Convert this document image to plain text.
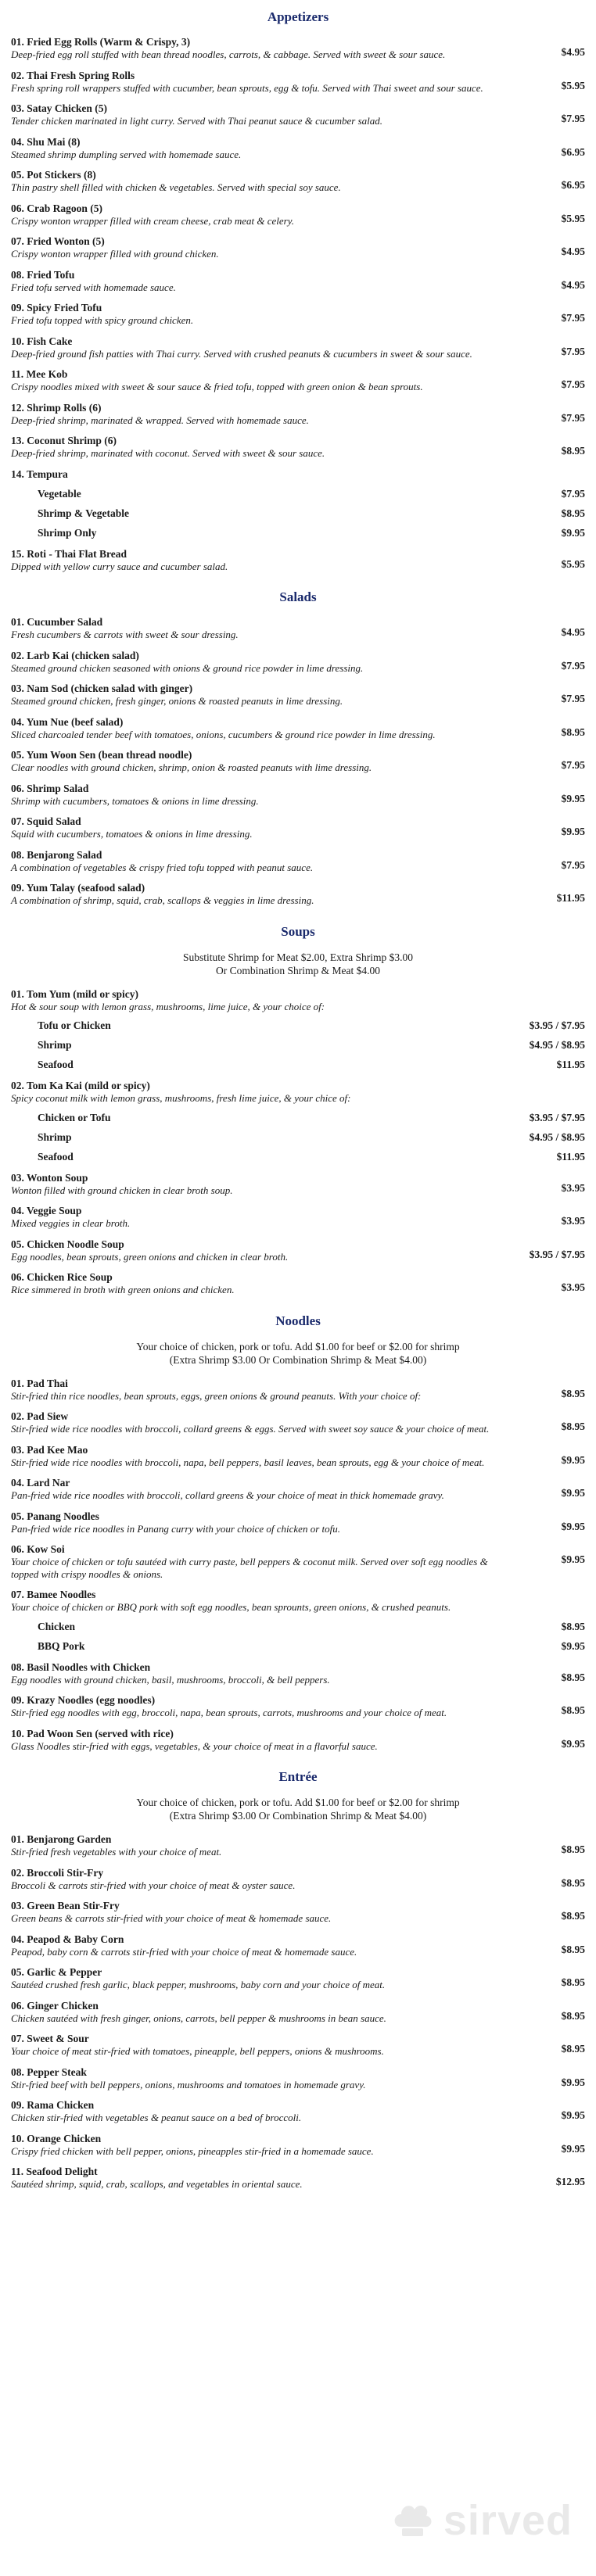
Appetizers
01. Fried Egg Rolls (Warm & Crispy, 3)
Deep-fried egg roll stuffed with bean thread noodles, carrots, & cabbage. Served with sweet & sour sauce.	$4.95
02. Thai Fresh Spring Rolls
Fresh spring roll wrappers stuffed with cucumber, bean sprouts, egg & tofu. Served with Thai sweet and sour sauce.	$5.95
03. Satay Chicken (5)
Tender chicken marinated in light curry. Served with Thai peanut sauce & cucumber salad.	$7.95
04. Shu Mai (8)
Steamed shrimp dumpling served with homemade sauce.	$6.95
05. Pot Stickers (8)
Thin pastry shell filled with chicken & vegetables. Served with special soy sauce.	$6.95
06. Crab Ragoon (5)
Crispy wonton wrapper filled with cream cheese, crab meat & celery.	$5.95
07. Fried Wonton (5)
Crispy wonton wrapper filled with ground chicken.	$4.95
08. Fried Tofu
Fried tofu served with homemade sauce.	$4.95
09. Spicy Fried Tofu
Fried tofu topped with spicy ground chicken.	$7.95
10. Fish Cake
Deep-fried ground fish patties with Thai curry. Served with crushed peanuts & cucumbers in sweet & sour sauce.	$7.95
11. Mee Kob
Crispy noodles mixed with sweet & sour sauce & fried tofu, topped with green onion & bean sprouts.	$7.95
12. Shrimp Rolls (6)
Deep-fried shrimp, marinated & wrapped. Served with homemade sauce.	$7.95
13. Coconut Shrimp (6)
Deep-fried shrimp, marinated with coconut. Served with sweet & sour sauce.	$8.95
14. Tempura
Vegetable	$7.95
Shrimp & Vegetable	$8.95
Shrimp Only	$9.95
15. Roti - Thai Flat Bread
Dipped with yellow curry sauce and cucumber salad.	$5.95
Salads
01. Cucumber Salad
Fresh cucumbers & carrots with sweet & sour dressing.	$4.95
02. Larb Kai (chicken salad)
Steamed ground chicken seasoned with onions & ground rice powder in lime dressing.	$7.95
03. Nam Sod (chicken salad with ginger)
Steamed ground chicken, fresh ginger, onions & roasted peanuts in lime dressing.	$7.95
04. Yum Nue (beef salad)
Sliced charcoaled tender beef with tomatoes, onions, cucumbers & ground rice powder in lime dressing.	$8.95
05. Yum Woon Sen (bean thread noodle)
Clear noodles with ground chicken, shrimp, onion & roasted peanuts with lime dressing.	$7.95
06. Shrimp Salad
Shrimp with cucumbers, tomatoes & onions in lime dressing.	$9.95
07. Squid Salad
Squid with cucumbers, tomatoes & onions in lime dressing.	$9.95
08. Benjarong Salad
A combination of vegetables & crispy fried tofu topped with peanut sauce.	$7.95
09. Yum Talay (seafood salad)
A combination of shrimp, squid, crab, scallops & veggies in lime dressing.	$11.95
Soups
Substitute Shrimp for Meat $2.00, Extra Shrimp $3.00
Or Combination Shrimp & Meat $4.00
01. Tom Yum (mild or spicy)
Hot & sour soup with lemon grass, mushrooms, lime juice, & your choice of:
Tofu or Chicken	$3.95 / $7.95
Shrimp	$4.95 / $8.95
Seafood	$11.95
02. Tom Ka Kai (mild or spicy)
Spicy coconut milk with lemon grass, mushrooms, fresh lime juice, & your chice of:
Chicken or Tofu	$3.95 / $7.95
Shrimp	$4.95 / $8.95
Seafood	$11.95
03. Wonton Soup
Wonton filled with ground chicken in clear broth soup.	$3.95
04. Veggie Soup
Mixed veggies in clear broth.	$3.95
05. Chicken Noodle Soup
Egg noodles, bean sprouts, green onions and chicken in clear broth.	$3.95 / $7.95
06. Chicken Rice Soup
Rice simmered in broth with green onions and chicken.	$3.95
Noodles
Your choice of chicken, pork or tofu. Add $1.00 for beef or $2.00 for shrimp
(Extra Shrimp $3.00 Or Combination Shrimp & Meat $4.00)
01. Pad Thai
Stir-fried thin rice noodles, bean sprouts, eggs, green onions & ground peanuts. With your choice of:	$8.95
02. Pad Siew
Stir-fried wide rice noodles with broccoli, collard greens & eggs. Served with sweet soy sauce & your choice of meat.	$8.95
03. Pad Kee Mao
Stir-fried wide rice noodles with broccoli, napa, bell peppers, basil leaves, bean sprouts, egg & your choice of meat.	$9.95
04. Lard Nar
Pan-fried wide rice noodles with broccoli, collard greens & your choice of meat in thick homemade gravy.	$9.95
05. Panang Noodles
Pan-fried wide rice noodles in Panang curry with your choice of chicken or tofu.	$9.95
06. Kow Soi
Your choice of chicken or tofu sautéed with curry paste, bell peppers & coconut milk. Served over soft egg noodles & topped with crispy noodles & onions.
$9.95
07. Bamee Noodles
Your choice of chicken or BBQ pork with soft egg noodles, bean sprounts, green onions, & crushed peanuts.
Chicken	$8.95
BBQ Pork	$9.95
08. Basil Noodles with Chicken
Egg noodles with ground chicken, basil, mushrooms, broccoli, & bell peppers.	$8.95
09. Krazy Noodles (egg noodles)
Stir-fried egg noodles with egg, broccoli, napa, bean sprouts, carrots, mushrooms and your choice of meat.	$8.95
10. Pad Woon Sen (served with rice)
Glass Noodles stir-fried with eggs, vegetables, & your choice of meat in a flavorful sauce.	$9.95
Entrée
Your choice of chicken, pork or tofu. Add $1.00 for beef or $2.00 for shrimp
(Extra Shrimp $3.00 Or Combination Shrimp & Meat $4.00)
01. Benjarong Garden
Stir-fried fresh vegetables with your choice of meat.	$8.95
02. Broccoli Stir-Fry
Broccoli & carrots stir-fried with your choice of meat & oyster sauce.	$8.95
03. Green Bean Stir-Fry
Green beans & carrots stir-fried with your choice of meat & homemade sauce.	$8.95
04. Peapod & Baby Corn
Peapod, baby corn & carrots stir-fried with your choice of meat & homemade sauce.	$8.95
05. Garlic & Pepper
Sautéed crushed fresh garlic, black pepper, mushrooms, baby corn and your choice of meat.	$8.95
06. Ginger Chicken
Chicken sautéed with fresh ginger, onions, carrots, bell pepper & mushrooms in bean sauce.	$8.95
07. Sweet & Sour
Your choice of meat stir-fried with tomatoes, pineapple, bell peppers, onions & mushrooms.	$8.95
08. Pepper Steak
Stir-fried beef with bell peppers, onions, mushrooms and tomatoes in homemade gravy.	$9.95
09. Rama Chicken
Chicken stir-fried with vegetables & peanut sauce on a bed of broccoli.	$9.95
10. Orange Chicken
Crispy fried chicken with bell pepper, onions, pineapples stir-fried in a homemade sauce.	$9.95
11. Seafood Delight
Sautéed shrimp, squid, crab, scallops, and vegetables in oriental sauce.	$12.95
sirved
